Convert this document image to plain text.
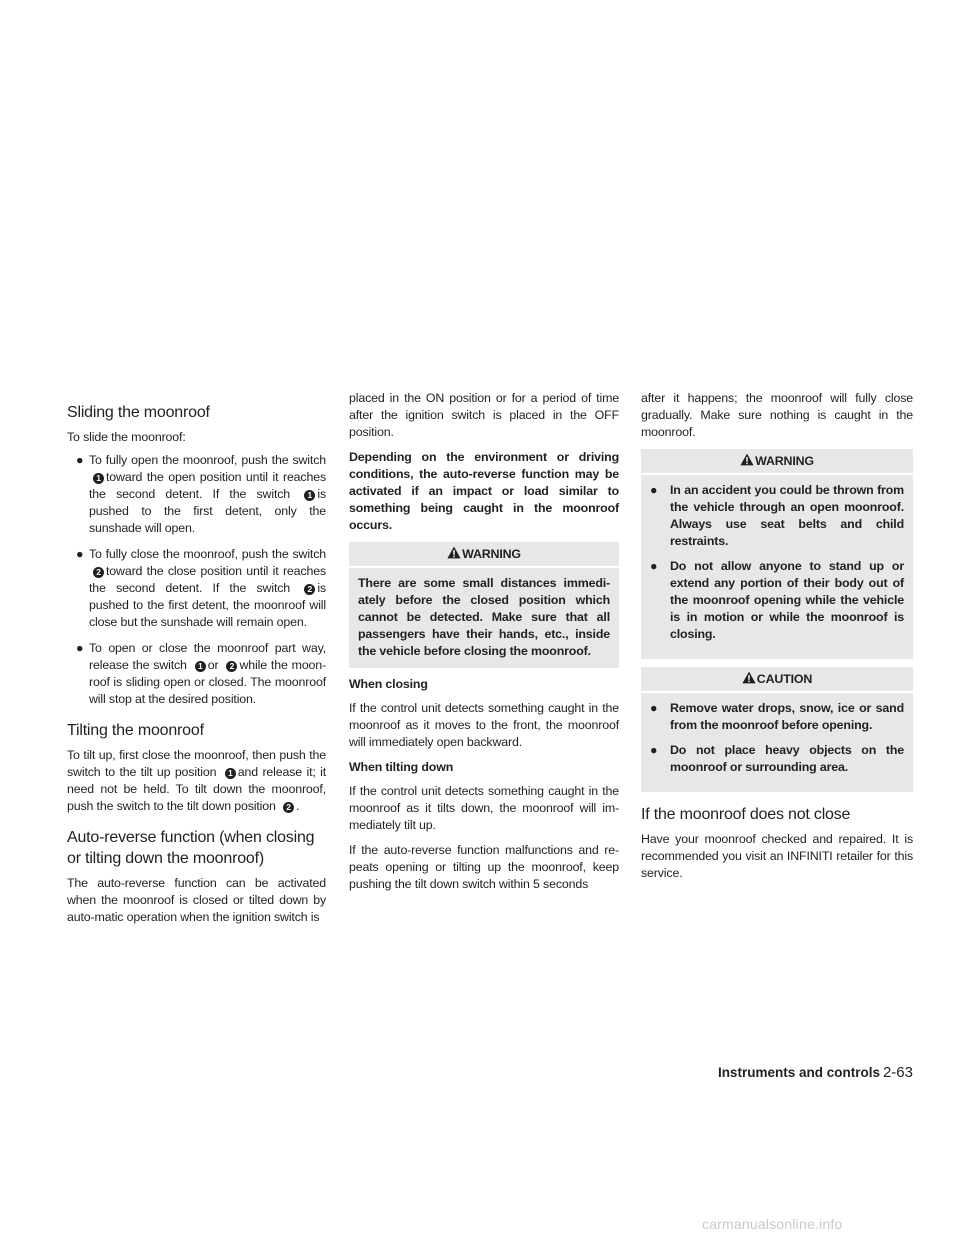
Sliding the moonroof

To slide the moonroof:

● To fully open the moonroof, push the switch 1 toward the open position until it reaches the second detent. If the switch 1 is pushed to the first detent, only the sunshade will open.
● To fully close the moonroof, push the switch 2 toward the close position until it reaches the second detent. If the switch 2 is pushed to the first detent, the moonroof will close but the sunshade will remain open.
● To open or close the moonroof part way, release the switch 1 or 2 while the moon-roof is sliding open or closed. The moonroof will stop at the desired position.
Tilting the moonroof

To tilt up, first close the moonroof, then push the switch to the tilt up position 1 and release it; it need not be held. To tilt down the moonroof, push the switch to the tilt down position 2 .

Auto-reverse function (when closing or tilting down the moonroof)

The auto-reverse function can be activated when the moonroof is closed or tilted down by auto-matic operation when the ignition switch is

placed in the ON position or for a period of time after the ignition switch is placed in the OFF position.

Depending on the environment or driving conditions, the auto-reverse function may be activated if an impact or load similar to something being caught in the moonroof occurs.

WARNING

There are some small distances immedi-ately before the closed position which cannot be detected. Make sure that all passengers have their hands, etc., inside the vehicle before closing the moonroof.

When closing

If the control unit detects something caught in the moonroof as it moves to the front, the moonroof will immediately open backward.

When tilting down

If the control unit detects something caught in the moonroof as it tilts down, the moonroof will im-mediately tilt up.

If the auto-reverse function malfunctions and re-peats opening or tilting up the moonroof, keep pushing the tilt down switch within 5 seconds

after it happens; the moonroof will fully close gradually. Make sure nothing is caught in the moonroof.

WARNING
● In an accident you could be thrown from the vehicle through an open moonroof. Always use seat belts and child restraints.
● Do not allow anyone to stand up or extend any portion of their body out of the moonroof opening while the vehicle is in motion or while the moonroof is closing.
CAUTION
● Remove water drops, snow, ice or sand from the moonroof before opening.
● Do not place heavy objects on the moonroof or surrounding area.
If the moonroof does not close

Have your moonroof checked and repaired. It is recommended you visit an INFINITI retailer for this service.

Instruments and controls 2-63
carmanualsonline.info
